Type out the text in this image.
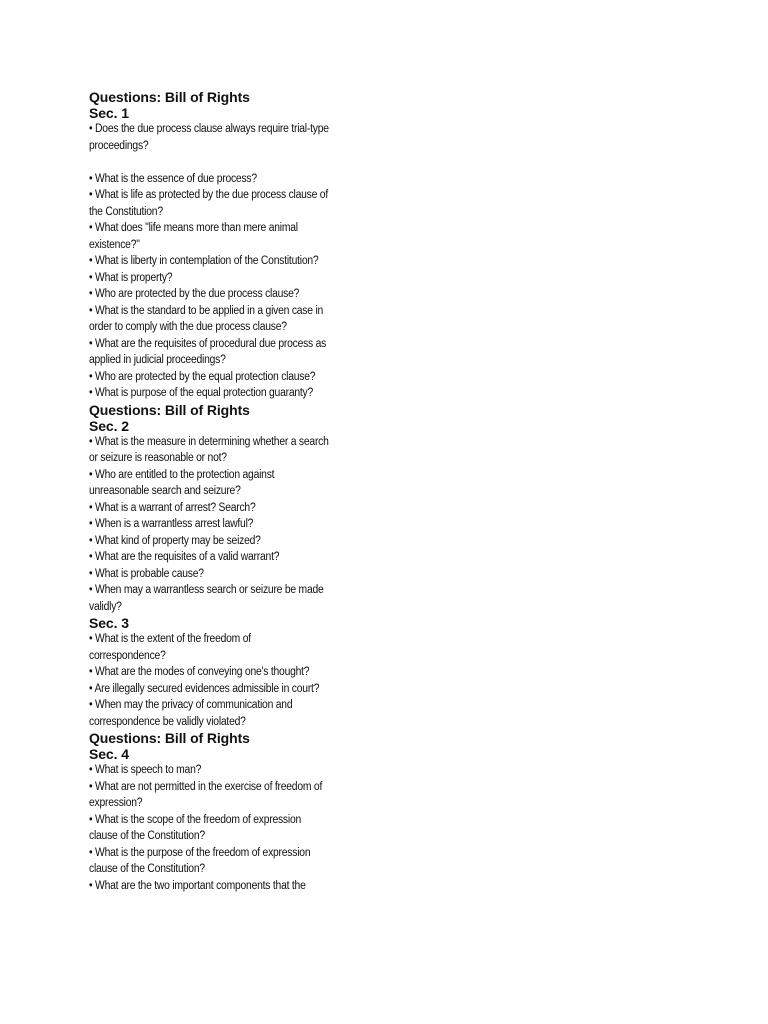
Questions: Bill of Rights

Sec. 1

• Does the due process clause always require trial-type

proceedings?

• What is the essence of due process?

• What is life as protected by the due process clause of

the Constitution?

• What does "life means more than mere animal

existence?"

• What is liberty in contemplation of the Constitution?

• What is property?

• Who are protected by the due process clause?

• What is the standard to be applied in a given case in

order to comply with the due process clause?

• What are the requisites of procedural due process as

applied in judicial proceedings?

• Who are protected by the equal protection clause?

• What is purpose of the equal protection guaranty?

Questions: Bill of Rights

Sec. 2

• What is the measure in determining whether a search

or seizure is reasonable or not?

• Who are entitled to the protection against

unreasonable search and seizure?

• What is a warrant of arrest? Search?

• When is a warrantless arrest lawful?

• What kind of property may be seized?

• What are the requisites of a valid warrant?

• What is probable cause?

• When may a warrantless search or seizure be made

validly?

Sec. 3

• What is the extent of the freedom of

correspondence?

• What are the modes of conveying one's thought?

• Are illegally secured evidences admissible in court?

• When may the privacy of communication and

correspondence be validly violated?

Questions: Bill of Rights

Sec. 4

• What is speech to man?

• What are not permitted in the exercise of freedom of

expression?

• What is the scope of the freedom of expression

clause of the Constitution?

• What is the purpose of the freedom of expression

clause of the Constitution?

• What are the two important components that the
